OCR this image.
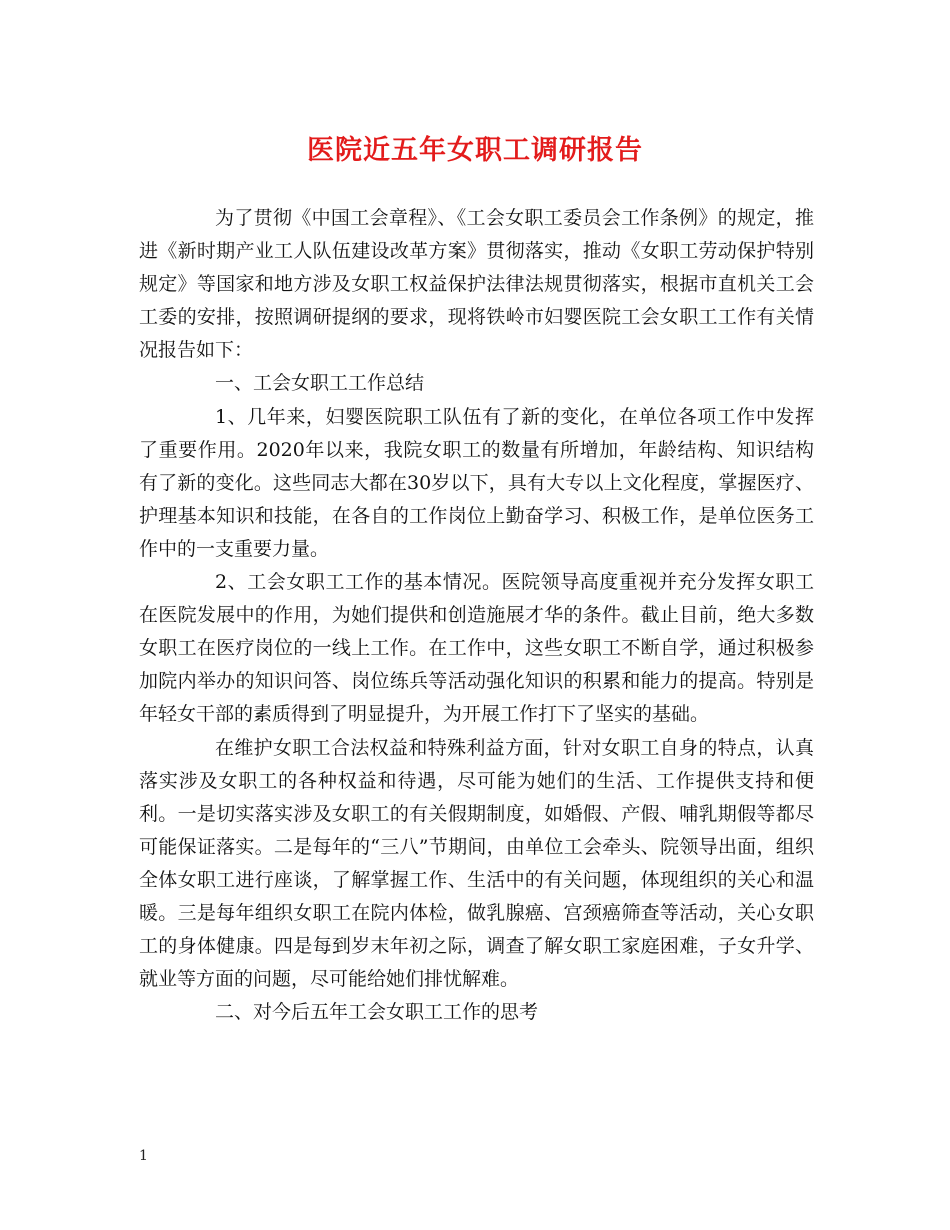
医院近五年女职工调研报告

为了贯彻《中国工会章程》、《工会女职工委员会工作条例》的规定，推进《新时期产业工人队伍建设改革方案》贯彻落实，推动《女职工劳动保护特别规定》等国家和地方涉及女职工权益保护法律法规贯彻落实，根据市直机关工会工委的安排，按照调研提纲的要求，现将铁岭市妇婴医院工会女职工工作有关情况报告如下：

一、工会女职工工作总结

1、几年来，妇婴医院职工队伍有了新的变化，在单位各项工作中发挥了重要作用。2020年以来，我院女职工的数量有所增加，年龄结构、知识结构有了新的变化。这些同志大都在30岁以下，具有大专以上文化程度，掌握医疗、护理基本知识和技能，在各自的工作岗位上勤奋学习、积极工作，是单位医务工作中的一支重要力量。

2、工会女职工工作的基本情况。医院领导高度重视并充分发挥女职工在医院发展中的作用，为她们提供和创造施展才华的条件。截止目前，绝大多数女职工在医疗岗位的一线上工作。在工作中，这些女职工不断自学，通过积极参加院内举办的知识问答、岗位练兵等活动强化知识的积累和能力的提高。特别是年轻女干部的素质得到了明显提升，为开展工作打下了坚实的基础。

在维护女职工合法权益和特殊利益方面，针对女职工自身的特点，认真落实涉及女职工的各种权益和待遇，尽可能为她们的生活、工作提供支持和便利。一是切实落实涉及女职工的有关假期制度，如婚假、产假、哺乳期假等都尽可能保证落实。二是每年的“三八”节期间，由单位工会牵头、院领导出面，组织全体女职工进行座谈，了解掌握工作、生活中的有关问题，体现组织的关心和温暖。三是每年组织女职工在院内体检，做乳腺癌、宫颈癌筛查等活动，关心女职工的身体健康。四是每到岁末年初之际，调查了解女职工家庭困难，子女升学、就业等方面的问题，尽可能给她们排忧解难。

二、对今后五年工会女职工工作的思考

1
